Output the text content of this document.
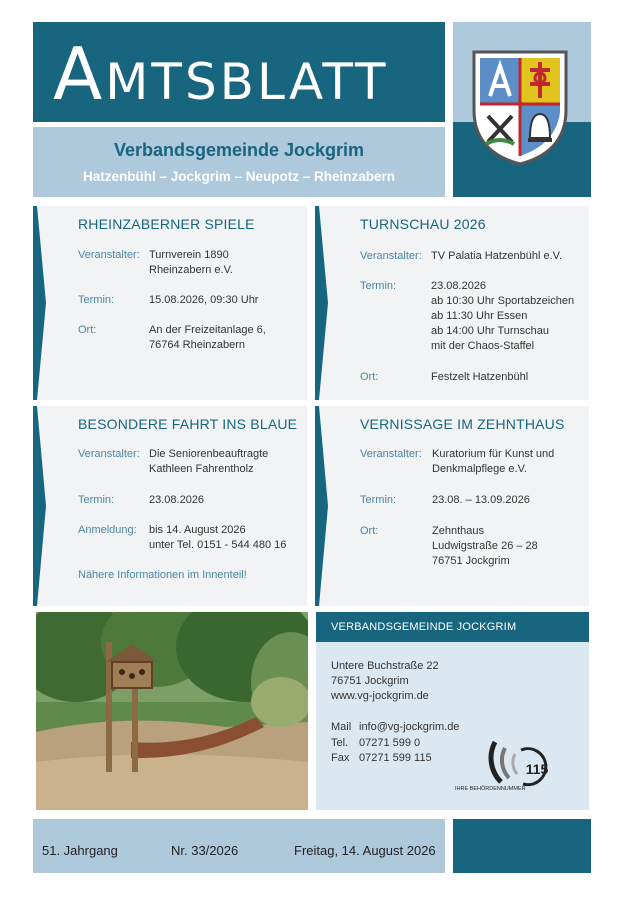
AMTSBLATT
Verbandsgemeinde Jockgrim
Hatzenbühl – Jockgrim – Neupotz – Rheinzabern
RHEINZABERNER SPIELE
Veranstalter: Turnverein 1890
Rheinzabern e.V.
Termin:	15.08.2026, 09:30 Uhr
Ort:	An der Freizeitanlage 6,
76764 Rheinzabern
TURNSCHAU 2026
Veranstalter: TV Palatia Hatzenbühl e.V.
Termin:	23.08.2026
ab 10:30 Uhr Sportabzeichen
ab 11:30 Uhr Essen
ab 14:00 Uhr Turnschau
mit der Chaos-Staffel
Ort:	Festzelt Hatzenbühl
BESONDERE FAHRT INS BLAUE
Veranstalter: Die Seniorenbeauftragte
Kathleen Fahrentholz
Termin:	23.08.2026
Anmeldung: bis 14. August 2026
unter Tel. 0151 - 544 480 16
Nähere Informationen im Innenteil!
VERNISSAGE IM ZEHNTHAUS
Veranstalter: Kuratorium für Kunst und
Denkmalpflege e.V.
Termin:	23.08. – 13.09.2026
Ort:	Zehnthaus
Ludwigstraße 26 – 28
76751 Jockgrim
VERBANDSGEMEINDE JOCKGRIM
Untere Buchstraße 22
76751 Jockgrim
www.vg-jockgrim.de
Mail info@vg-jockgrim.de
Tel. 07271 599 0
Fax 07271 599 115
115
IHRE BEHÖRDENNUMMER
51. Jahrgang	Nr. 33/2026	Freitag, 14. August 2026
